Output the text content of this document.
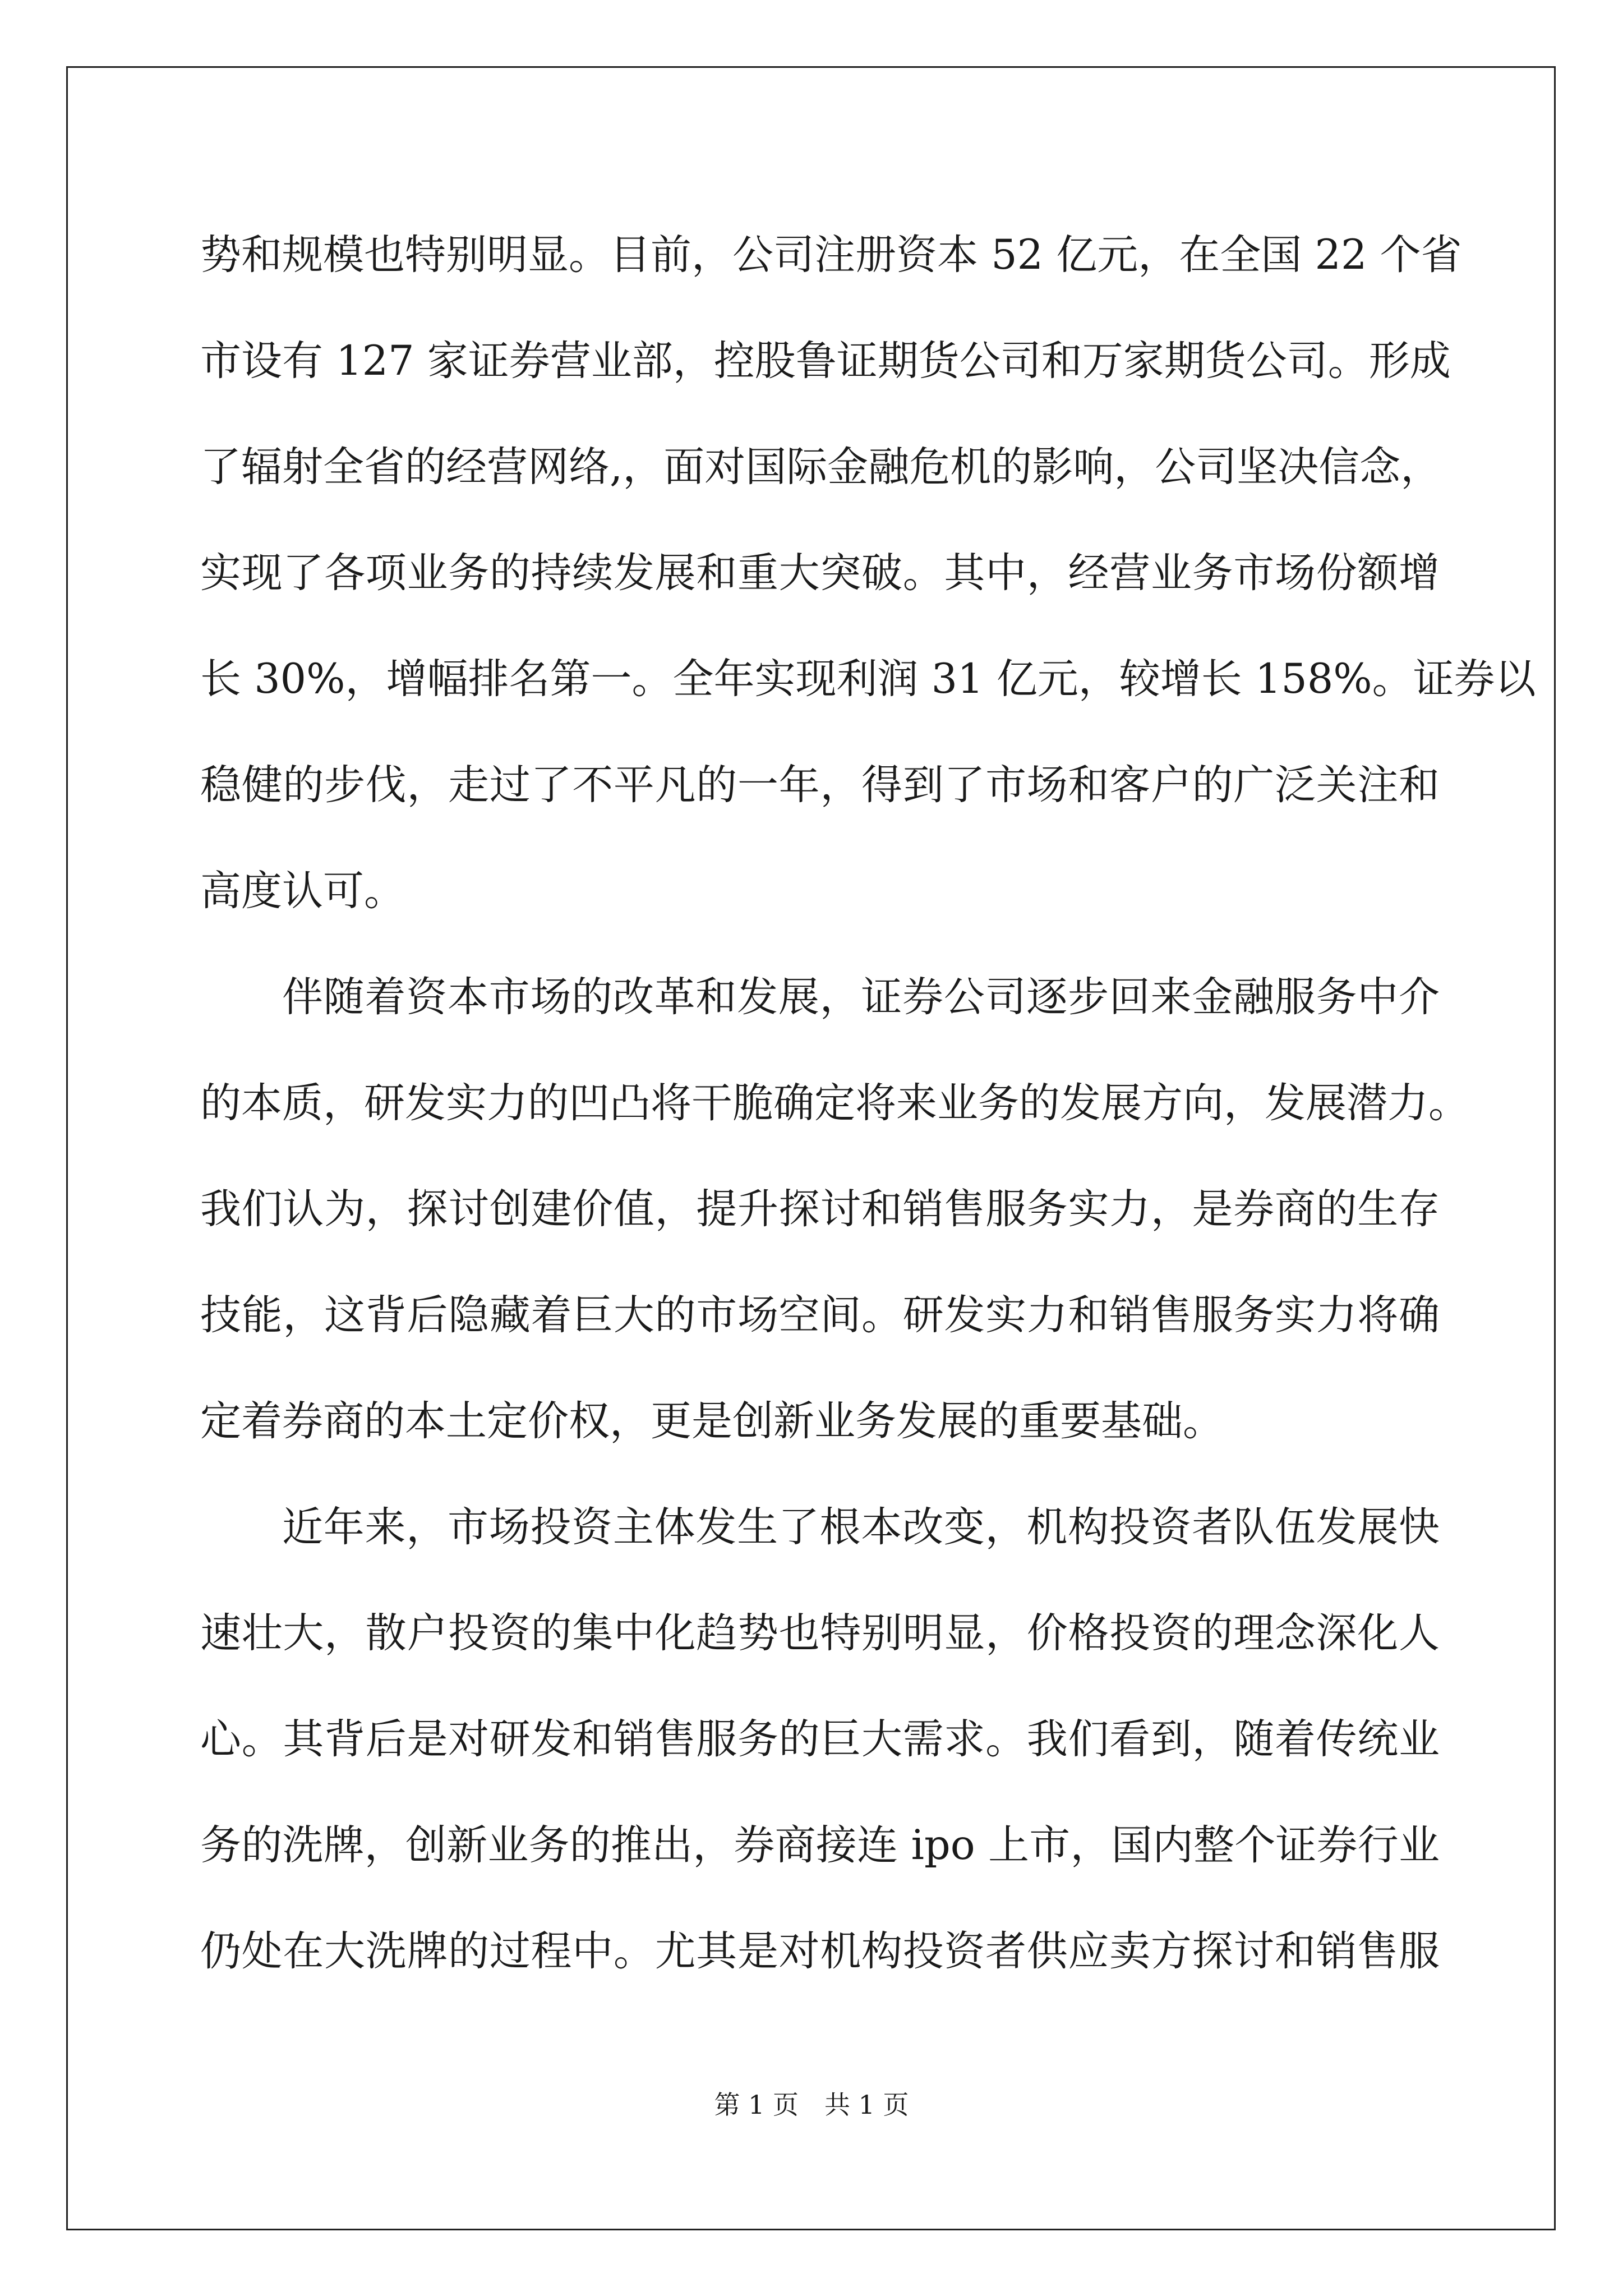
势和规模也特别明显。目前，公司注册资本 52 亿元，在全国 22 个省
市设有 127 家证券营业部，控股鲁证期货公司和万家期货公司。形成
了辐射全省的经营网络,，面对国际金融危机的影响，公司坚决信念，
实现了各项业务的持续发展和重大突破。其中，经营业务市场份额增
长 30%，增幅排名第一。全年实现利润 31 亿元，较增长 158%。证券以
稳健的步伐，走过了不平凡的一年，得到了市场和客户的广泛关注和
高度认可。
伴随着资本市场的改革和发展，证券公司逐步回来金融服务中介
的本质，研发实力的凹凸将干脆确定将来业务的发展方向，发展潜力。
我们认为，探讨创建价值，提升探讨和销售服务实力，是券商的生存
技能，这背后隐藏着巨大的市场空间。研发实力和销售服务实力将确
定着券商的本土定价权，更是创新业务发展的重要基础。
近年来，市场投资主体发生了根本改变，机构投资者队伍发展快
速壮大，散户投资的集中化趋势也特别明显，价格投资的理念深化人
心。其背后是对研发和销售服务的巨大需求。我们看到，随着传统业
务的洗牌，创新业务的推出，券商接连 ipo 上市，国内整个证券行业
仍处在大洗牌的过程中。尤其是对机构投资者供应卖方探讨和销售服
第 1 页 共 1 页
